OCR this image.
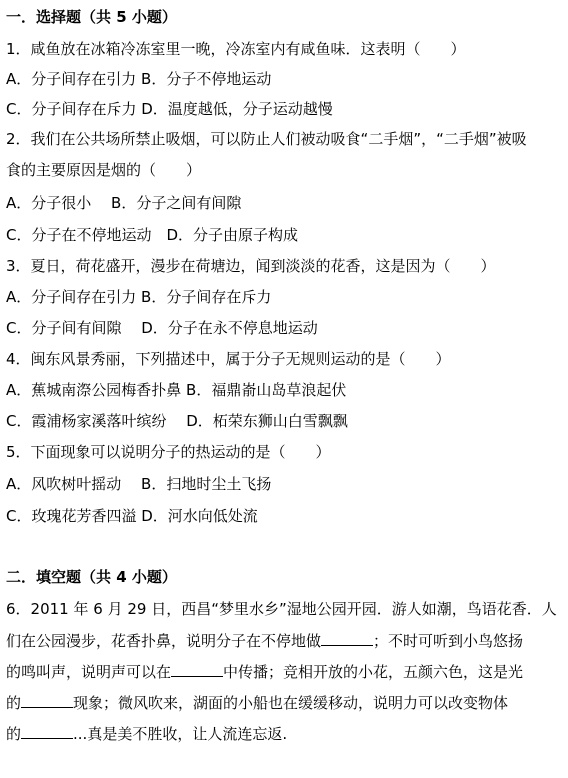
一．选择题（共 5 小题）
1．咸鱼放在冰箱冷冻室里一晚，冷冻室内有咸鱼味．这表明（　　）
A．分子间存在引力 B．分子不停地运动
C．分子间存在斥力 D．温度越低，分子运动越慢
2．我们在公共场所禁止吸烟，可以防止人们被动吸食“二手烟”，“二手烟”被吸
食的主要原因是烟的（　　）
A．分子很小　 B．分子之间有间隙
C．分子在不停地运动　D．分子由原子构成
3．夏日，荷花盛开，漫步在荷塘边，闻到淡淡的花香，这是因为（　　）
A．分子间存在引力 B．分子间存在斥力
C．分子间有间隙　 D．分子在永不停息地运动
4．闽东风景秀丽，下列描述中，属于分子无规则运动的是（　　）
A．蕉城南漈公园梅香扑鼻 B．福鼎嵛山岛草浪起伏
C．霞浦杨家溪落叶缤纷　 D．柘荣东狮山白雪飘飘
5．下面现象可以说明分子的热运动的是（　　）
A．风吹树叶摇动　 B．扫地时尘土飞扬
C．玫瑰花芳香四溢 D．河水向低处流
二．填空题（共 4 小题）
6．2011 年 6 月 29 日，西昌“梦里水乡”湿地公园开园．游人如潮，鸟语花香．人
们在公园漫步，花香扑鼻，说明分子在不停地做	；不时可听到小鸟悠扬
的鸣叫声，说明声可以在	中传播；竞相开放的小花，五颜六色，这是光
的	现象；微风吹来，湖面的小船也在缓缓移动，说明力可以改变物体
的	...真是美不胜收，让人流连忘返.
